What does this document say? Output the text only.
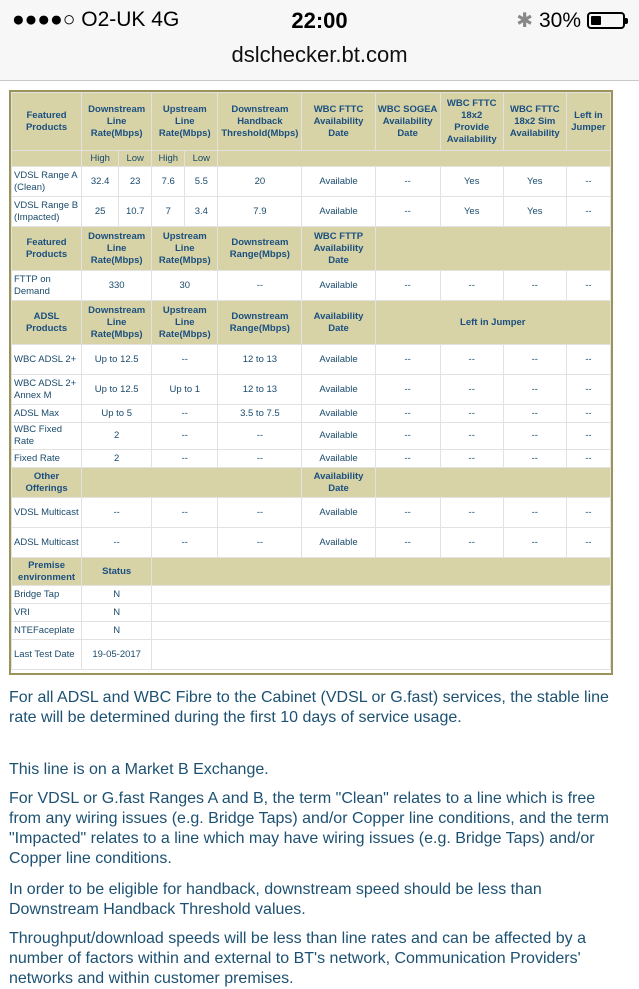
●●●●○ O2-UK 4G	22:00	✱ 30%
dslchecker.bt.com
Featured Products	Downstream Line Rate(Mbps)		Upstream Line Rate(Mbps)		Downstream Handback Threshold(Mbps)	WBC FTTC Availability Date	WBC SOGEA Availability Date	WBC FTTC 18x2 Provide Availability	WBC FTTC 18x2 Sim Availability	Left in Jumper
	High	Low	High	Low						
VDSL Range A (Clean)	32.4	23	7.6	5.5	20	Available	--	Yes	Yes	--
VDSL Range B (Impacted)	25	10.7	7	3.4	7.9	Available	--	Yes	Yes	--
Featured Products	Downstream Line Rate(Mbps)		Upstream Line Rate(Mbps)		Downstream Range(Mbps)	WBC FTTP Availability Date				
FTTP on Demand	330		30		--	Available	--	--	--	--
ADSL Products	Downstream Line Rate(Mbps)		Upstream Line Rate(Mbps)		Downstream Range(Mbps)	Availability Date	Left in Jumper			
WBC ADSL 2+	Up to 12.5		--		12 to 13	Available	--	--	--	--
WBC ADSL 2+ Annex M	Up to 12.5		Up to 1		12 to 13	Available	--	--	--	--
ADSL Max	Up to 5		--		3.5 to 7.5	Available	--	--	--	--
WBC Fixed Rate	2		--		--	Available	--	--	--	--
Fixed Rate	2		--		--	Available	--	--	--	--
Other Offerings						Availability Date				
VDSL Multicast	--		--		--	Available	--	--	--	--
ADSL Multicast	--		--		--	Available	--	--	--	--
Premise environment	Status									
Bridge Tap	N									
VRI	N									
NTEFaceplate	N									
Last Test Date	19-05-2017									

For all ADSL and WBC Fibre to the Cabinet (VDSL or G.fast) services, the stable line rate will be determined during the first 10 days of service usage.

This line is on a Market B Exchange.

For VDSL or G.fast Ranges A and B, the term "Clean" relates to a line which is free from any wiring issues (e.g. Bridge Taps) and/or Copper line conditions, and the term "Impacted" relates to a line which may have wiring issues (e.g. Bridge Taps) and/or Copper line conditions.

In order to be eligible for handback, downstream speed should be less than Downstream Handback Threshold values.

Throughput/download speeds will be less than line rates and can be affected by a number of factors within and external to BT's network, Communication Providers' networks and within customer premises.
